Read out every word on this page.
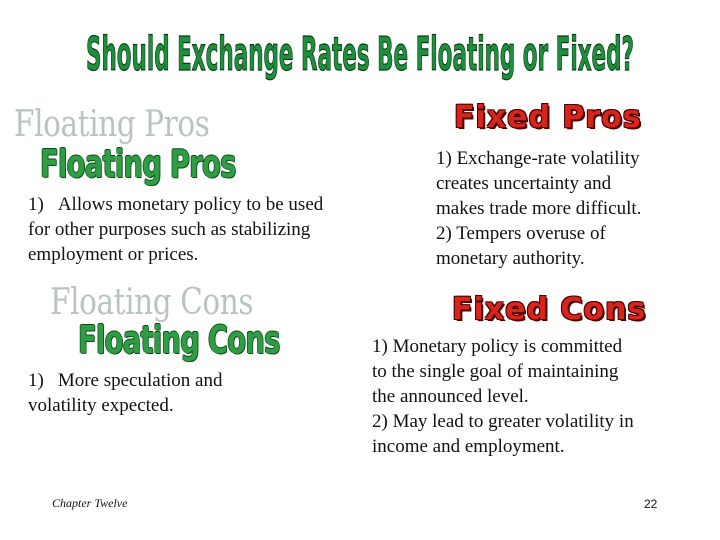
Should Exchange Rates Be Floating or Fixed?
Floating Pros
Floating Pros
1) Allows monetary policy to be used
for other purposes such as stabilizing
employment or prices.
Floating Cons
Floating Cons
1) More speculation and
volatility expected.
Fixed Pros
1) Exchange-rate volatility
creates uncertainty and
makes trade more difficult.
2) Tempers overuse of
monetary authority.
Fixed Cons
1) Monetary policy is committed
to the single goal of maintaining
the announced level.
2) May lead to greater volatility in
income and employment.
Chapter Twelve	22
